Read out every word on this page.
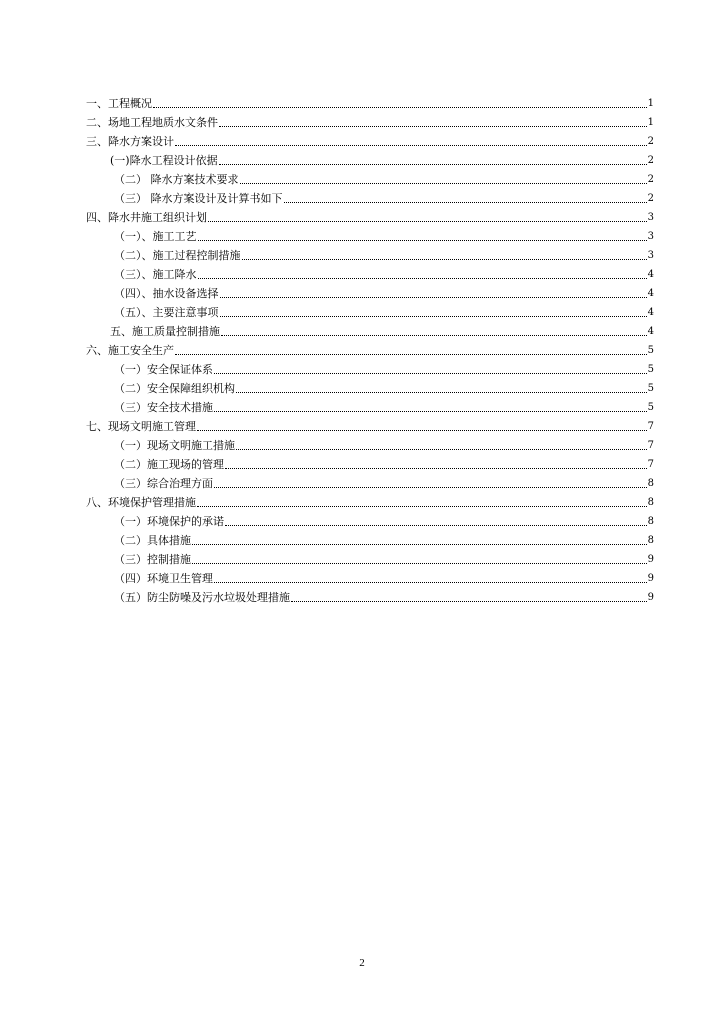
一、工程概况	1
二、场地工程地质水文条件	1
三、降水方案设计	2
(一)降水工程设计依据	2
（二） 降水方案技术要求	2
（三） 降水方案设计及计算书如下	2
四、降水井施工组织计划	3
（一）、施工工艺	3
（二）、施工过程控制措施	3
（三）、施工降水	4
（四）、抽水设备选择	4
（五）、主要注意事项	4
五、施工质量控制措施	4
六、施工安全生产	5
（一）安全保证体系	5
（二）安全保障组织机构	5
（三）安全技术措施	5
七、现场文明施工管理	7
（一）现场文明施工措施	7
（二）施工现场的管理	7
（三）综合治理方面	8
八、环境保护管理措施	8
（一）环境保护的承诺	8
（二）具体措施	8
（三）控制措施	9
（四）环境卫生管理	9
（五）防尘防噪及污水垃圾处理措施	9
2
